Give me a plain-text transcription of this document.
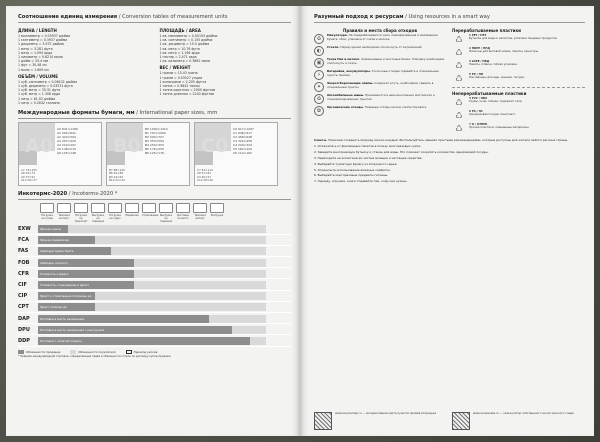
Соотношение единиц измерения / Conversion tables of measurement units
ДЛИНА / LENGTH
1 миллиметр = 0.03937 дюйма
1 сантиметр = 0.3937 дюйма
1 дециметр = 3.937 дюйма
1 метр = 3.281 фута
1 метр = 1.094 ярда
1 километр = 0.6214 мили
1 дюйм = 25.4 мм
1 фут = 30.48 см
1 миля = 1.609 км
ОБЪЁМ / VOLUME
1 куб. сантиметр = 0.06102 дюйма
1 куб. дециметр = 0.03531 фута
1 куб. метр = 35.31 фута
1 куб. метр = 1.308 ярда
1 литр = 61.02 дюйма
1 литр = 0.2642 галлона
ПЛОЩАДЬ / AREA
1 кв. миллиметр = 0.00155 дюйма
1 кв. сантиметр = 0.155 дюйма
1 кв. дециметр = 15.5 дюйма
1 кв. метр = 10.76 фута
1 кв. метр = 1.196 ярда
1 гектар = 2.471 акра
1 кв. километр = 0.3861 мили
ВЕС / WEIGHT
1 грамм = 15.43 грана
1 грамм = 0.03527 унции
1 килограмм = 2.205 фунта
1 тонна = 0.9842 тонны
1 тонна короткая = 2000 фунтов
1 тонна длинная = 2240 фунтов
Международные форматы бумаги, мм / International paper sizes, mm
A0
A0 841×1189
A1 594×841
A2 420×594
A3 297×420
A4 210×297
A5 148×210
A6 105×148
A7 74×105
A8 52×74
A9 37×52
A10 26×37
B0
B0 1000×1414
B1 707×1000
B2 500×707
B3 353×500
B4 250×353
B5 176×250
B6 125×176
B7 88×125
B8 62×88
B9 44×62
B10 31×44
C0
C0 917×1297
C1 648×917
C2 458×648
C3 324×458
C4 229×324
C5 162×229
C6 114×162
C7 81×114
C8 57×81
C9 40×57
C10 28×40
Инкотермс-2020 / Incoterms-2020 *
Погрузка на склад
Таможня экспорт
Погрузка на транспорт
Выгрузка на терминал
Погрузка на судно
Перевозка Страхование Выгрузка на терминал
Доставка на место
Таможня импорт
Разгрузка
EXW	Франко-завод
FCA	Франко-перевозчик
FAS	Свободно вдоль борта
FOB	Свободно на борту
CFR	Стоимость и фрахт
CIF	Стоимость, страхование и фрахт
CIP	Фрахт и страхование оплачены до
CPT	Фрахт оплачен до
DAP	Поставка в месте назначения
DPU	Поставка в месте назначения с разгрузкой
DDP	Поставка с оплатой пошлин
Обязанности продавца	Обязанности покупателя	Переход рисков
* Правила международной торговли, определяющие права и обязанности сторон по договору купли-продажи
Разумный подход к ресурсам / Using resources in a smart way
Правила и места сбора отходов
♻
Макулатура. Не перерабатываются чеки, ламинированная и мелованная бумага, обои, упаковка от соков и молока.
◐
Стекло. Перед сдачей необходимо ополоснуть от загрязнений.
▣
Тетра Пак и металл. Алюминиевые и жестяные банки. Упаковку необходимо ополоснуть и сжать.
⚡
Батарейки, аккумуляторы. Токсичные отходы! Сдавайте в специальные пункты приёма.
✦
Энергосберегающие лампы. Содержат ртуть, необходимо сдавать в специальные пункты.
♻
Автомобильные шины. Принимаются в шиномонтажных мастерских и специализированных пунктах.
✿
Органические отходы. Пищевые отходы можно компостировать.
Перерабатываемые пластики
♺	1 PET / ПЭТ
Бутылки для воды и напитков, упаковка пищевых продуктов.
♺	2 HDPE / ПНД
Флаконы для бытовой химии, пакеты, канистры.
♺	4 LDPE / ПВД
Пакеты, плёнка, гибкая упаковка.
♺	5 PP / ПП
Контейнеры для еды, крышки, посуда.
Неперерабатываемые пластики
♺	3 PVC / ПВХ
Трубы, окна, плёнки. Содержат хлор.
♺	6 PS / ПС
Одноразовая посуда, пенопласт.
♺	7 O / OTHER
Прочие пластики, смешанные материалы.

Советы. Поможем сохранить природу можно каждый. Воспользуйтесь нашими простыми рекомендациями, которые доступны для жителя любого региона страны.

1. Откажитесь от фасованных пакетов в пользу многоразовых сумок.

2. Заведите многоразовую бутылку и стакан для воды. Это поможет сократить количество одноразовой посуды.

3. Переходите на экологически чистые моющие и чистящие средства.

4. Выбирайте туалетную бумагу из вторичного сырья.

5. Ограничьте использование влажных салфеток.

6. Выбирайте многоразовые предметы гигиены.

7. Одежду, игрушки, книги отдавайте тем, кому они нужны.

www.recyclemap.ru — интерактивная карта пунктов приёма вторсырья	www.ecoplaneta.ru — калькулятор собственного экологического следа
